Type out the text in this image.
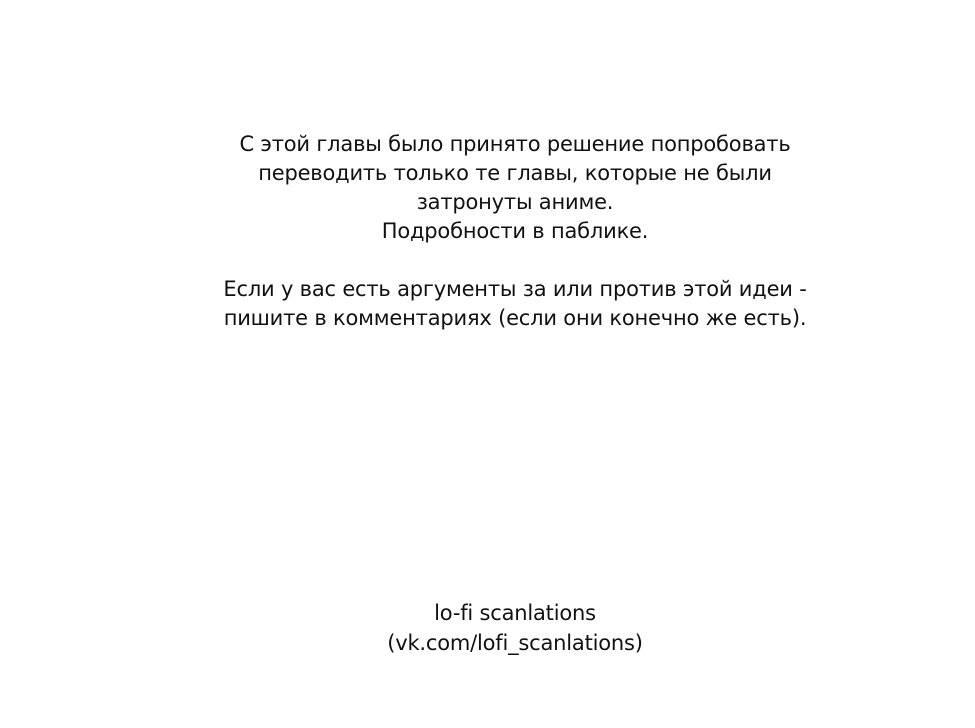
С этой главы было принято решение попробовать
переводить только те главы, которые не были
затронуты аниме.
Подробности в паблике.
Если у вас есть аргументы за или против этой идеи -
пишите в комментариях (если они конечно же есть).
lo-fi scanlations
(vk.com/lofi_scanlations)
